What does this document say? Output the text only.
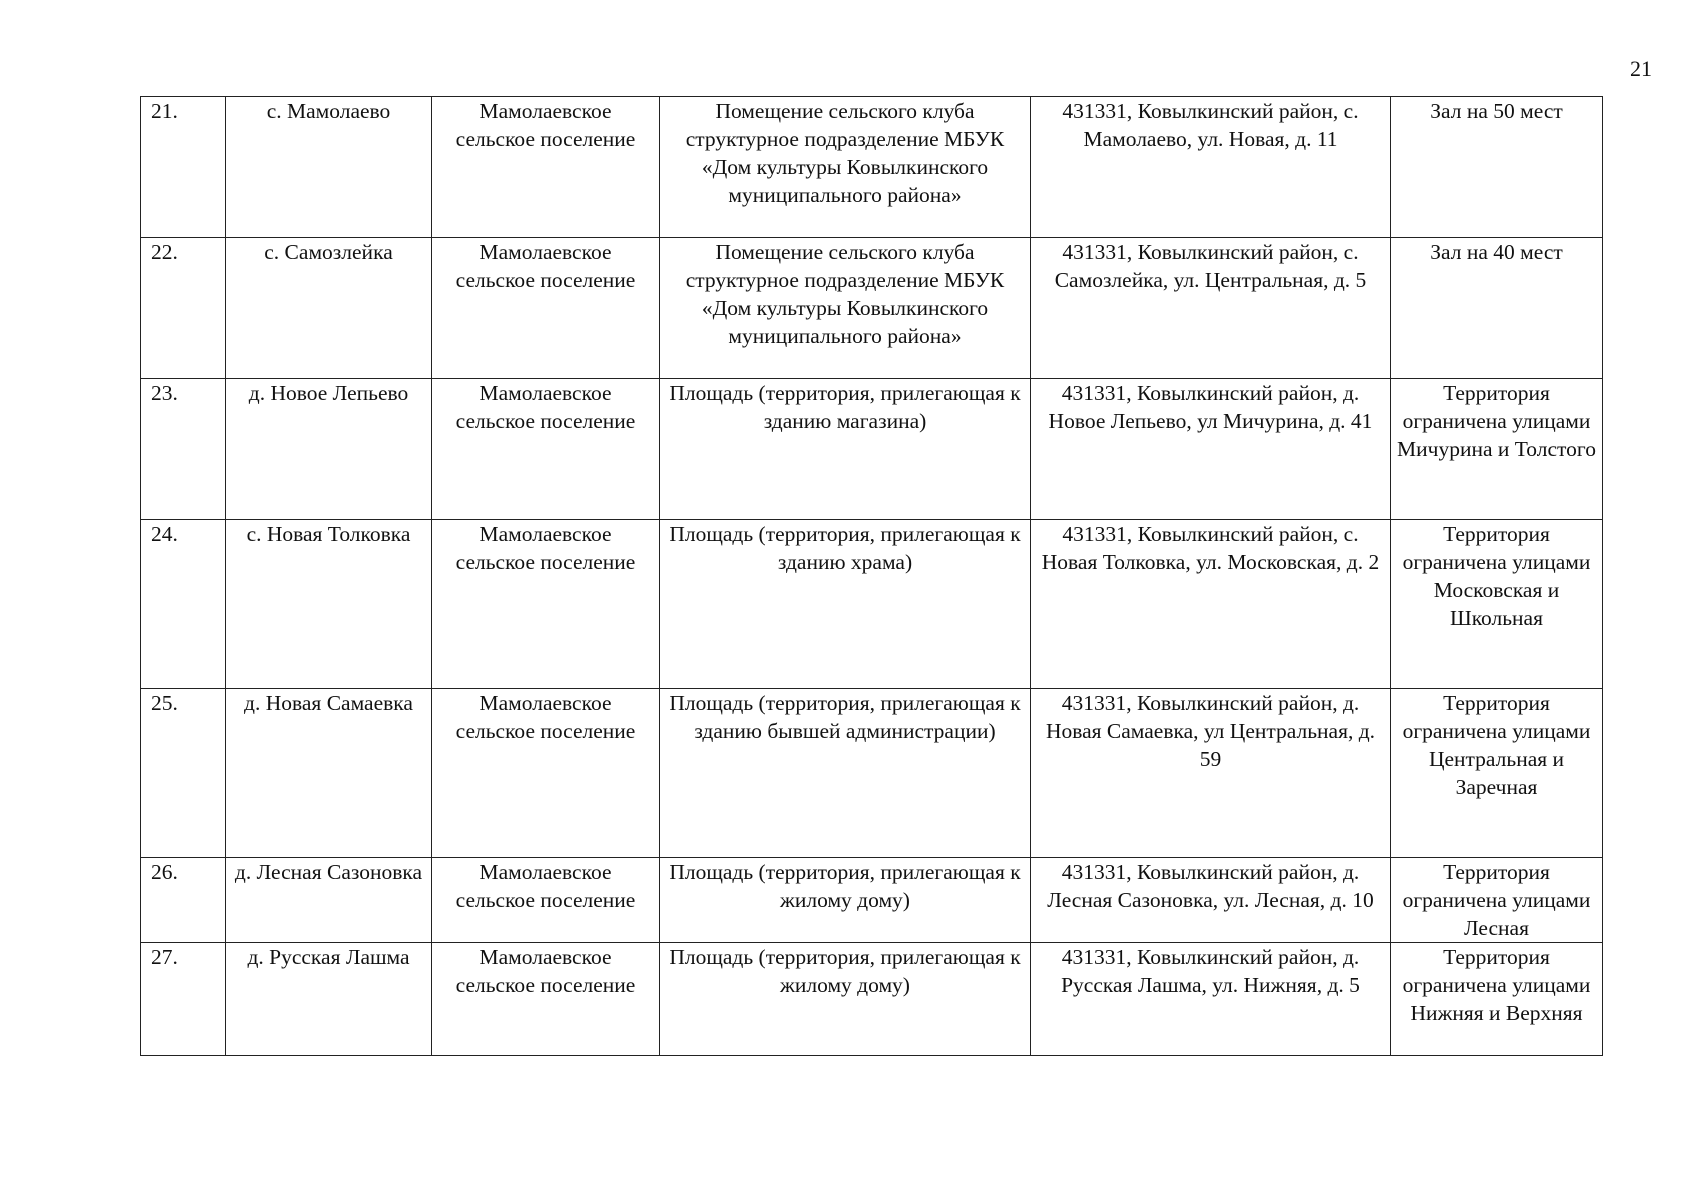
21
21.	с. Мамолаево	Мамолаевское сельское поселение	Помещение сельского клуба структурное подразделение МБУК «Дом культуры Ковылкинского муниципального района»	431331, Ковылкинский район, с. Мамолаево, ул. Новая, д. 11	Зал на 50 мест
22.	с. Самозлейка	Мамолаевское сельское поселение	Помещение сельского клуба структурное подразделение МБУК «Дом культуры Ковылкинского муниципального района»	431331, Ковылкинский район, с. Самозлейка, ул. Центральная, д. 5	Зал на 40 мест
23.	д. Новое Лепьево	Мамолаевское сельское поселение	Площадь (территория, прилегающая к зданию магазина)	431331, Ковылкинский район, д. Новое Лепьево, ул Мичурина, д. 41	Территория ограничена улицами Мичурина и Толстого
24.	с. Новая Толковка	Мамолаевское сельское поселение	Площадь (территория, прилегающая к зданию храма)	431331, Ковылкинский район, с. Новая Толковка, ул. Московская, д. 2	Территория ограничена улицами Московская и Школьная
25.	д. Новая Самаевка	Мамолаевское сельское поселение	Площадь (территория, прилегающая к зданию бывшей администрации)	431331, Ковылкинский район, д. Новая Самаевка, ул Центральная, д. 59	Территория ограничена улицами Центральная и Заречная
26.	д. Лесная Сазоновка	Мамолаевское сельское поселение	Площадь (территория, прилегающая к жилому дому)	431331, Ковылкинский район, д. Лесная Сазоновка, ул. Лесная, д. 10	Территория ограничена улицами Лесная
27.	д. Русская Лашма	Мамолаевское сельское поселение	Площадь (территория, прилегающая к жилому дому)	431331, Ковылкинский район, д. Русская Лашма, ул. Нижняя, д. 5	Территория ограничена улицами Нижняя и Верхняя
